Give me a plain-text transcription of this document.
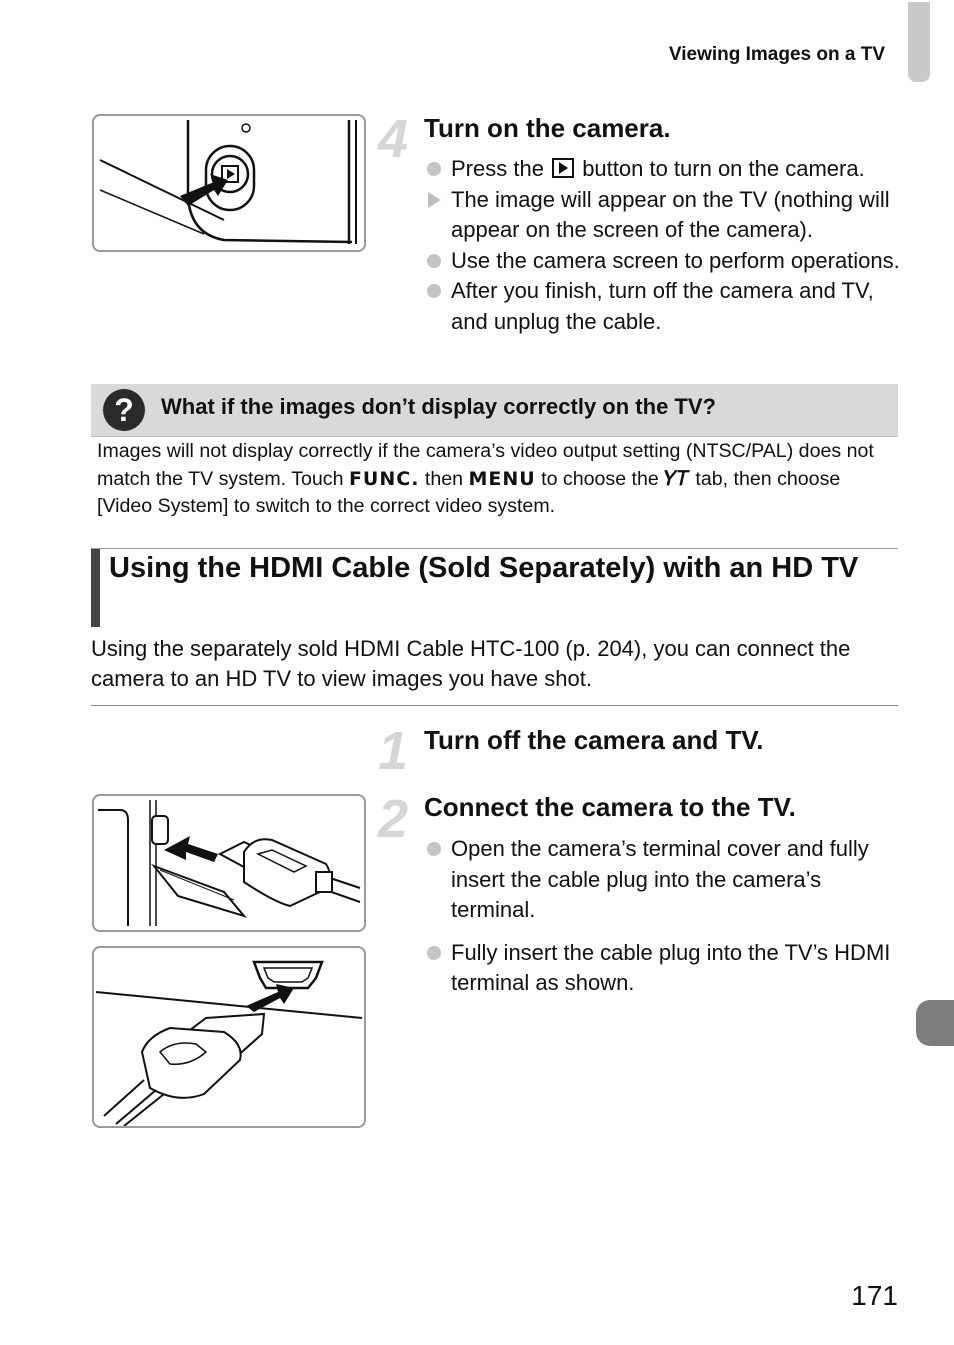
Viewing Images on a TV
4 Turn on the camera.
Press the button to turn on the camera.
The image will appear on the TV (nothing will appear on the screen of the camera).
Use the camera screen to perform operations.
After you finish, turn off the camera and TV, and unplug the cable.
?	What if the images don’t display correctly on the TV?
Images will not display correctly if the camera’s video output setting (NTSC/PAL) does not match the TV system. Touch FUNC. then MENU to choose the 𝛶𝛵 tab, then choose [Video System] to switch to the correct video system.
Using the HDMI Cable (Sold Separately) with an HD TV
Using the separately sold HDMI Cable HTC-100 (p. 204), you can connect the camera to an HD TV to view images you have shot.
1 Turn off the camera and TV.
2 Connect the camera to the TV.
Open the camera’s terminal cover and fully insert the cable plug into the camera’s terminal.
Fully insert the cable plug into the TV’s HDMI terminal as shown.
171
